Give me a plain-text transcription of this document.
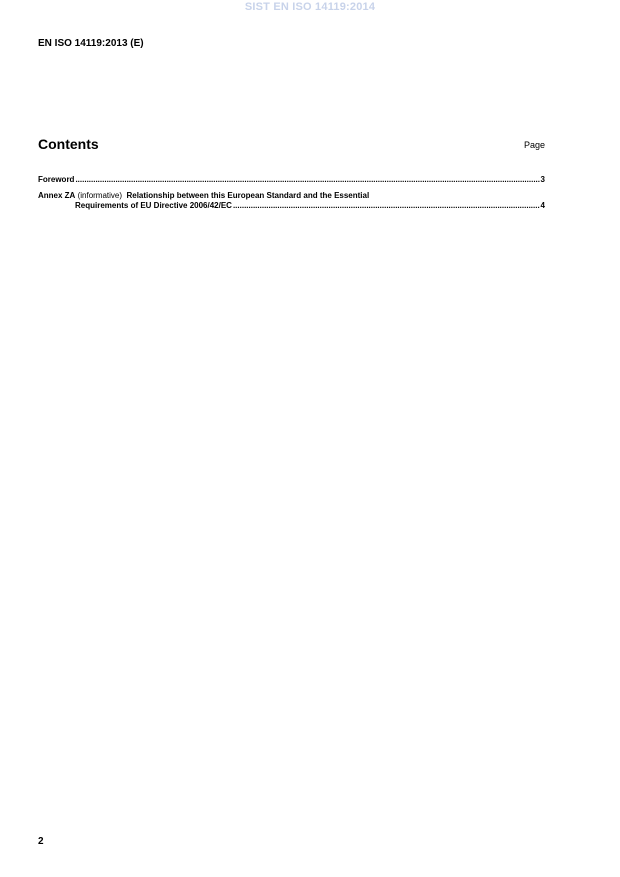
SIST EN ISO 14119:2014
EN ISO 14119:2013 (E)
Contents	Page
Foreword .....	3
Annex ZA (informative) Relationship between this European Standard and the Essential
Requirements of EU Directive 2006/42/EC .....	4
2
